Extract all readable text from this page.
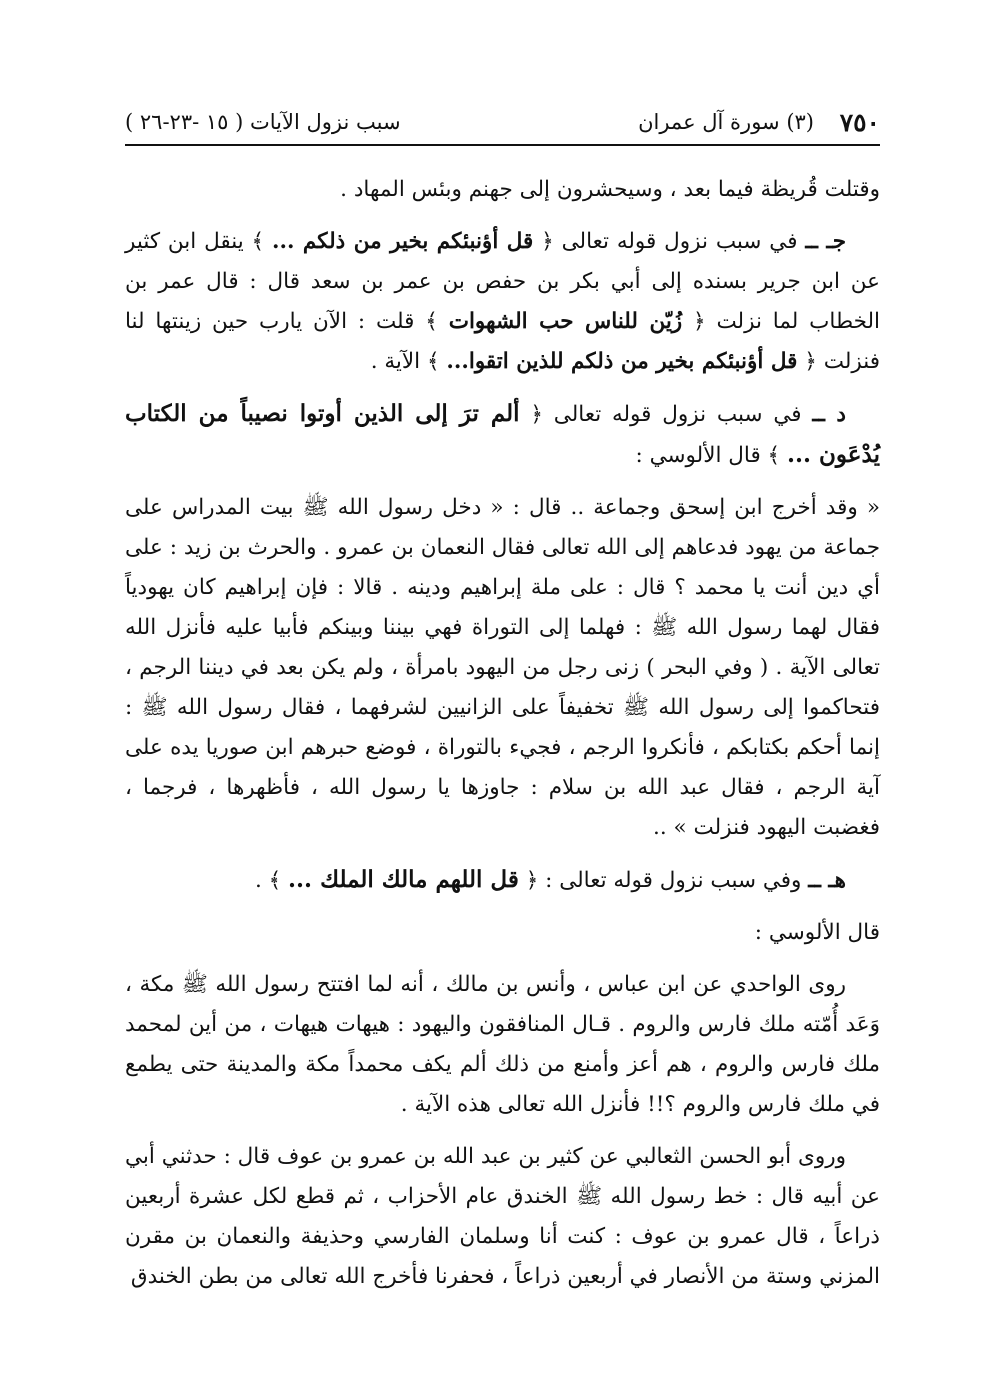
٧٥٠
(٣) سورة آل عمران
سبب نزول الآيات ( ١٥ -٢٣-٢٦ )

وقتلت قُريظة فيما بعد ، وسيحشرون إلى جهنم وبئس المهاد .

جـ ــ في سبب نزول قوله تعالى ﴿ قل أؤنبئكم بخير من ذلكم ... ﴾ ينقل ابن كثير عن ابن جرير بسنده إلى أبي بكر بن حفص بن عمر بن سعد قال : قال عمر بن الخطاب لما نزلت ﴿ زُيّن للناس حب الشهوات ﴾ قلت : الآن يارب حين زينتها لنا فنزلت ﴿ قل أؤنبئكم بخير من ذلكم للذين اتقوا... ﴾ الآية .

د ــ في سبب نزول قوله تعالى ﴿ ألم ترَ إلى الذين أوتوا نصيباً من الكتاب يُدْعَون ... ﴾ قال الألوسي :

« وقد أخرج ابن إسحق وجماعة .. قال : « دخل رسول الله ﷺ بيت المدراس على جماعة من يهود فدعاهم إلى الله تعالى فقال النعمان بن عمرو . والحرث بن زيد : على أي دين أنت يا محمد ؟ قال : على ملة إبراهيم ودينه . قالا : فإن إبراهيم كان يهودياً فقال لهما رسول الله ﷺ : فهلما إلى التوراة فهي بيننا وبينكم فأبيا عليه فأنزل الله تعالى الآية . ( وفي البحر ) زنى رجل من اليهود بامرأة ، ولم يكن بعد في ديننا الرجم ، فتحاكموا إلى رسول الله ﷺ تخفيفاً على الزانيين لشرفهما ، فقال رسول الله ﷺ : إنما أحكم بكتابكم ، فأنكروا الرجم ، فجيء بالتوراة ، فوضع حبرهم ابن صوريا يده على آية الرجم ، فقال عبد الله بن سلام : جاوزها يا رسول الله ، فأظهرها ، فرجما ، فغضبت اليهود فنزلت » ..

هـ ــ وفي سبب نزول قوله تعالى : ﴿ قل اللهم مالك الملك ... ﴾ .

قال الألوسي :

روى الواحدي عن ابن عباس ، وأنس بن مالك ، أنه لما افتتح رسول الله ﷺ مكة ، وَعَد أُمّته ملك فارس والروم . قـال المنافقون واليهود : هيهات هيهات ، من أين لمحمد ملك فارس والروم ، هم أعز وأمنع من ذلك ألم يكف محمداً مكة والمدينة حتى يطمع في ملك فارس والروم ؟!! فأنزل الله تعالى هذه الآية .

وروى أبو الحسن الثعالبي عن كثير بن عبد الله بن عمرو بن عوف قال : حدثني أبي عن أبيه قال : خط رسول الله ﷺ الخندق عام الأحزاب ، ثم قطع لكل عشرة أربعين ذراعاً ، قال عمرو بن عوف : كنت أنا وسلمان الفارسي وحذيفة والنعمان بن مقرن المزني وستة من الأنصار في أربعين ذراعاً ، فحفرنا فأخرج الله تعالى من بطن الخندق
